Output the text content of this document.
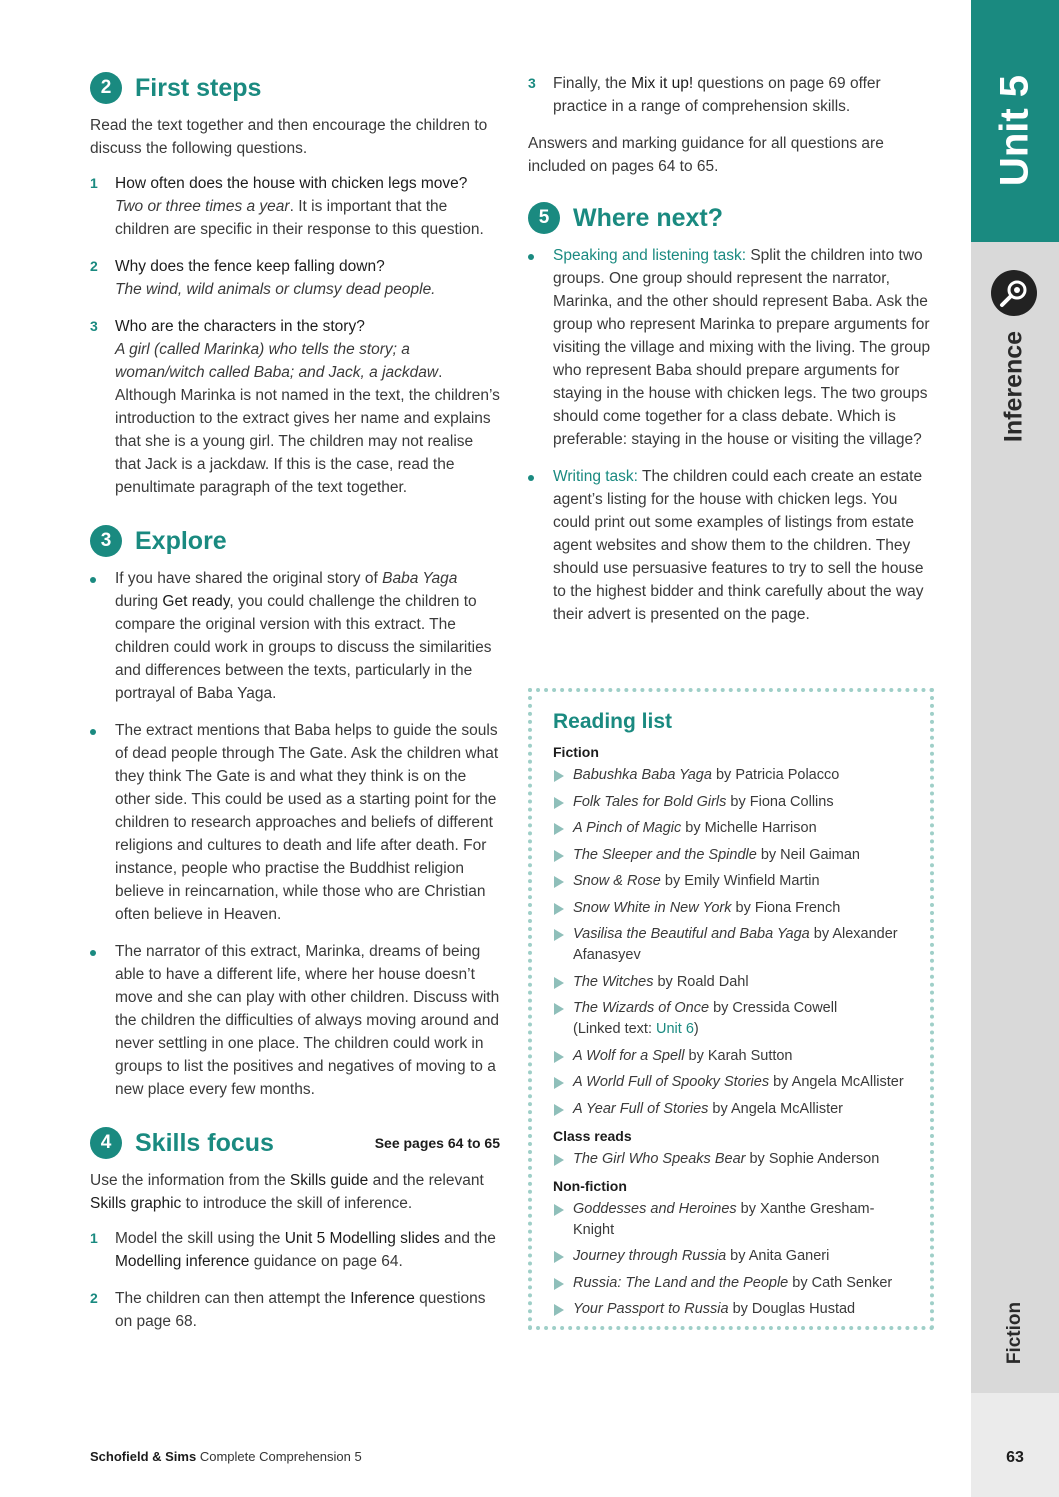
Unit 5
Inference
Fiction
63
2 First steps

Read the text together and then encourage the children to discuss the following questions.

1 How often does the house with chicken legs move?
Two or three times a year. It is important that the children are specific in their response to this question.
2 Why does the fence keep falling down?
The wind, wild animals or clumsy dead people.
3 Who are the characters in the story?
A girl (called Marinka) who tells the story; a woman/witch called Baba; and Jack, a jackdaw. Although Marinka is not named in the text, the children’s introduction to the extract gives her name and explains that she is a young girl. The children may not realise that Jack is a jackdaw. If this is the case, read the penultimate paragraph of the text together.
3 Explore
If you have shared the original story of Baba Yaga during Get ready, you could challenge the children to compare the original version with this extract. The children could work in groups to discuss the similarities and differences between the texts, particularly in the portrayal of Baba Yaga.
The extract mentions that Baba helps to guide the souls of dead people through The Gate. Ask the children what they think The Gate is and what they think is on the other side. This could be used as a starting point for the children to research approaches and beliefs of different religions and cultures to death and life after death. For instance, people who practise the Buddhist religion believe in reincarnation, while those who are Christian often believe in Heaven.
The narrator of this extract, Marinka, dreams of being able to have a different life, where her house doesn’t move and she can play with other children. Discuss with the children the difficulties of always moving around and never settling in one place. The children could work in groups to list the positives and negatives of moving to a new place every few months.
4 Skills focus	See pages 64 to 65

Use the information from the Skills guide and the relevant Skills graphic to introduce the skill of inference.

1 Model the skill using the Unit 5 Modelling slides and the Modelling inference guidance on page 64.
2 The children can then attempt the Inference questions on page 68.
3 Finally, the Mix it up! questions on page 69 offer practice in a range of comprehension skills.

Answers and marking guidance for all questions are included on pages 64 to 65.

5 Where next?
Speaking and listening task: Split the children into two groups. One group should represent the narrator, Marinka, and the other should represent Baba. Ask the group who represent Marinka to prepare arguments for visiting the village and mixing with the living. The group who represent Baba should prepare arguments for staying in the house with chicken legs. The two groups should come together for a class debate. Which is preferable: staying in the house or visiting the village?
Writing task: The children could each create an estate agent’s listing for the house with chicken legs. You could print out some examples of listings from estate agent websites and show them to the children. They should use persuasive features to try to sell the house to the highest bidder and think carefully about the way their advert is presented on the page.
Reading list
Fiction
Babushka Baba Yaga by Patricia Polacco
Folk Tales for Bold Girls by Fiona Collins
A Pinch of Magic by Michelle Harrison
The Sleeper and the Spindle by Neil Gaiman
Snow & Rose by Emily Winfield Martin
Snow White in New York by Fiona French
Vasilisa the Beautiful and Baba Yaga by Alexander Afanasyev
The Witches by Roald Dahl
The Wizards of Once by Cressida Cowell
(Linked text: Unit 6)
A Wolf for a Spell by Karah Sutton
A World Full of Spooky Stories by Angela McAllister
A Year Full of Stories by Angela McAllister
Class reads
The Girl Who Speaks Bear by Sophie Anderson
Non-fiction
Goddesses and Heroines by Xanthe Gresham-Knight
Journey through Russia by Anita Ganeri
Russia: The Land and the People by Cath Senker
Your Passport to Russia by Douglas Hustad
Schofield & Sims Complete Comprehension 5
